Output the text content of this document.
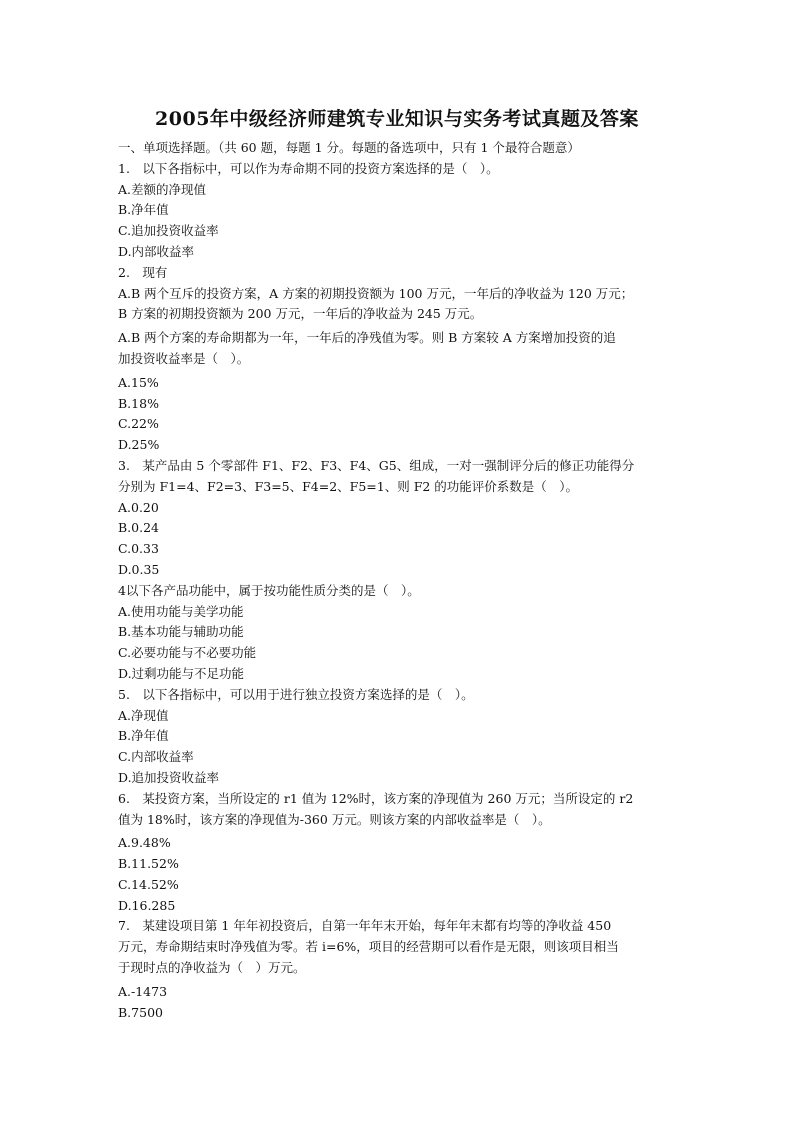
2005年中级经济师建筑专业知识与实务考试真题及答案
一、单项选择题。（共 60 题，每题 1 分。每题的备选项中，只有 1 个最符合题意）
1.　以下各指标中，可以作为寿命期不同的投资方案选择的是（　）。
A.差额的净现值
B.净年值
C.追加投资收益率
D.内部收益率
2.　现有
A.B 两个互斥的投资方案，A 方案的初期投资额为 100 万元，一年后的净收益为 120 万元；
B 方案的初期投资额为 200 万元，一年后的净收益为 245 万元。
A.B 两个方案的寿命期都为一年，一年后的净残值为零。则 B 方案较 A 方案增加投资的追
加投资收益率是（　）。
A.15%
B.18%
C.22%
D.25%
3.　某产品由 5 个零部件 F1、F2、F3、F4、G5、组成，一对一强制评分后的修正功能得分
分别为 F1=4、F2=3、F3=5、F4=2、F5=1、则 F2 的功能评价系数是（　）。
A.0.20
B.0.24
C.0.33
D.0.35
4以下各产品功能中，属于按功能性质分类的是（　）。
A.使用功能与美学功能
B.基本功能与辅助功能
C.必要功能与不必要功能
D.过剩功能与不足功能
5.　以下各指标中，可以用于进行独立投资方案选择的是（　）。
A.净现值
B.净年值
C.内部收益率
D.追加投资收益率
6.　某投资方案，当所设定的 r1 值为 12%时，该方案的净现值为 260 万元；当所设定的 r2
值为 18%时，该方案的净现值为-360 万元。则该方案的内部收益率是（　）。
A.9.48%
B.11.52%
C.14.52%
D.16.285
7.　某建设项目第 1 年年初投资后，自第一年年末开始，每年年末都有均等的净收益 450
万元，寿命期结束时净残值为零。若 i=6%，项目的经营期可以看作是无限，则该项目相当
于现时点的净收益为（　）万元。
A.-1473
B.7500
